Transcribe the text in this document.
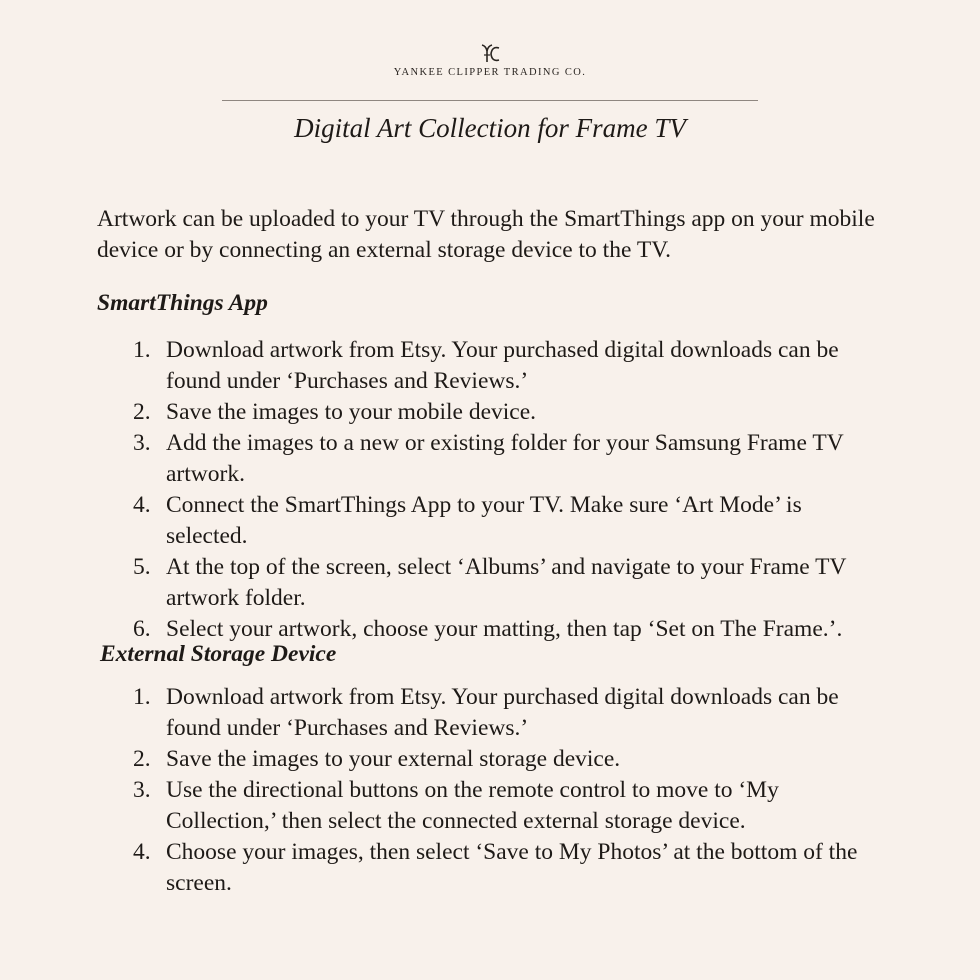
YANKEE CLIPPER TRADING CO.
Digital Art Collection for Frame TV

Artwork can be uploaded to your TV through the SmartThings app on your mobile device or by connecting an external storage device to the TV.

SmartThings App
1. Download artwork from Etsy. Your purchased digital downloads can be found under ‘Purchases and Reviews.’
2. Save the images to your mobile device.
3. Add the images to a new or existing folder for your Samsung Frame TV artwork.
4. Connect the SmartThings App to your TV. Make sure ‘Art Mode’ is selected.
5. At the top of the screen, select ‘Albums’ and navigate to your Frame TV artwork folder.
6. Select your artwork, choose your matting, then tap ‘Set on The Frame.’.
External Storage Device
1. Download artwork from Etsy. Your purchased digital downloads can be found under ‘Purchases and Reviews.’
2. Save the images to your external storage device.
3. Use the directional buttons on the remote control to move to ‘My Collection,’ then select the connected external storage device.
4. Choose your images, then select ‘Save to My Photos’ at the bottom of the screen.
